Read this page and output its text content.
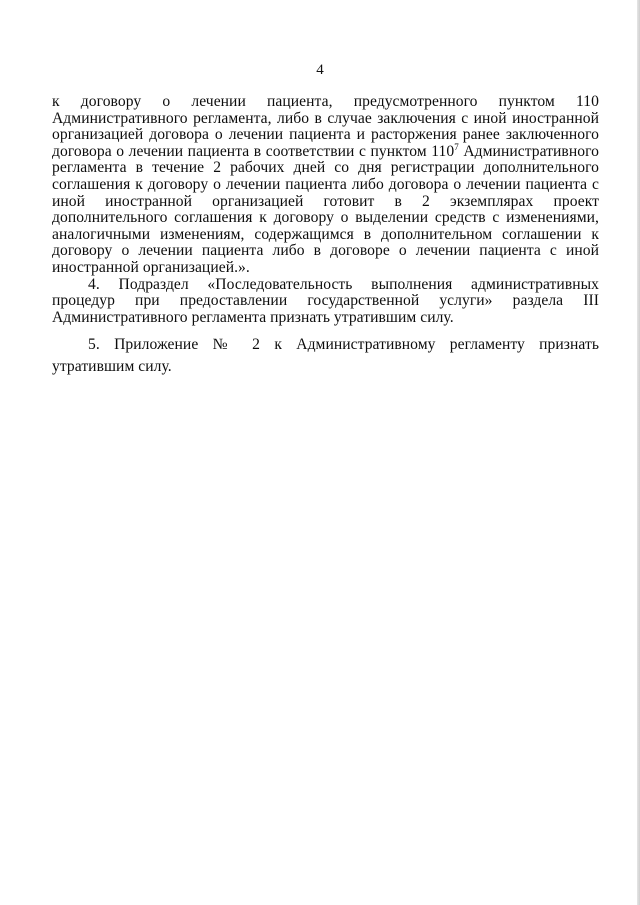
4

к договору о лечении пациента, предусмотренного пунктом 110 Административного регламента, либо в случае заключения с иной иностранной организацией договора о лечении пациента и расторжения ранее заключенного договора о лечении пациента в соответствии с пунктом $110^7$ Административного регламента в течение 2 рабочих дней со дня регистрации дополнительного соглашения к договору о лечении пациента либо договора о лечении пациента с иной иностранной организацией готовит в 2 экземплярах проект дополнительного соглашения к договору о выделении средств с изменениями, аналогичными изменениям, содержащимся в дополнительном соглашении к договору о лечении пациента либо в договоре о лечении пациента с иной иностранной организацией.».

4. Подраздел «Последовательность выполнения административных процедур при предоставлении государственной услуги» раздела III Административного регламента признать утратившим силу.

5. Приложение № 2 к Административному регламенту признать утратившим силу.
